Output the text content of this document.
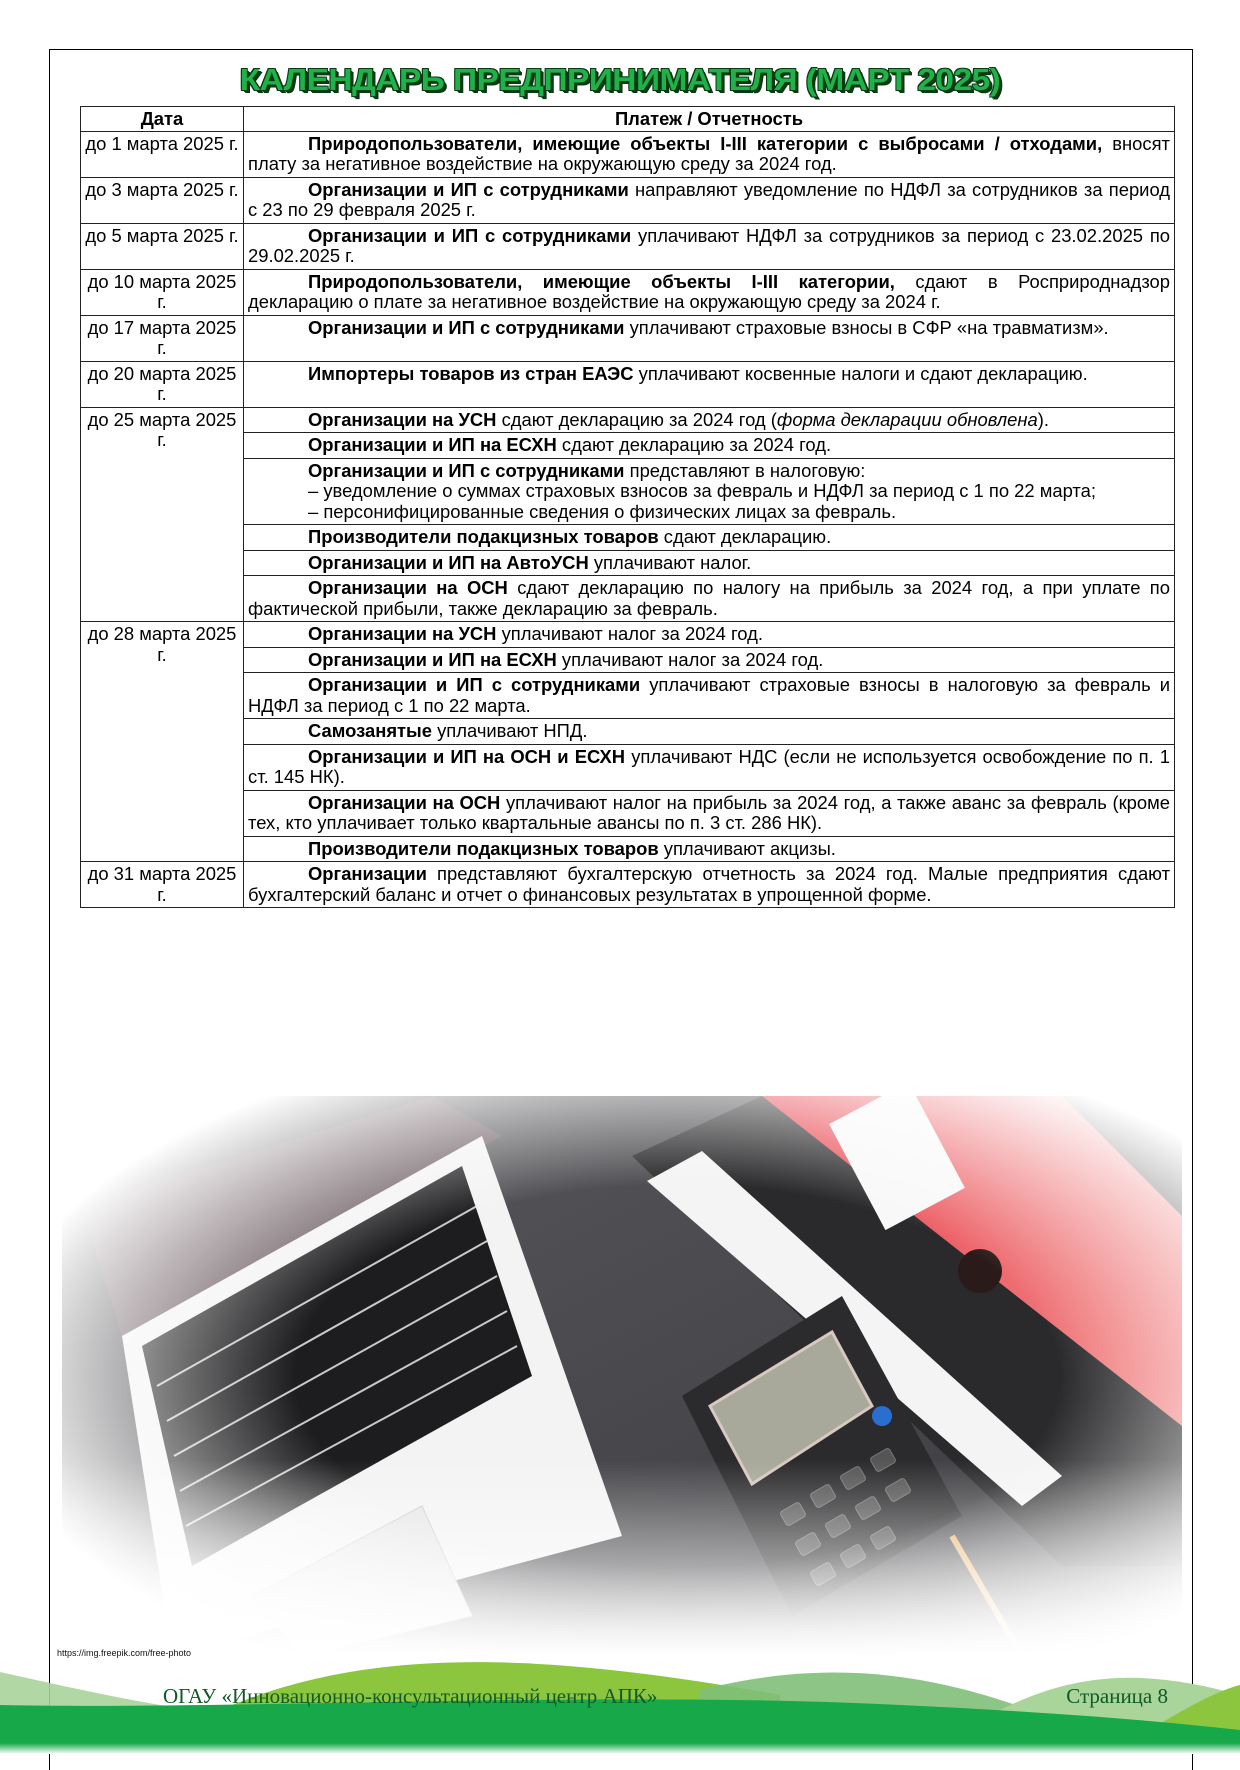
КАЛЕНДАРЬ ПРЕДПРИНИМАТЕЛЯ (МАРТ 2025)
Дата	Платеж / Отчетность
до 1 марта 2025 г.	Природопользователи, имеющие объекты I-III категории с выбросами / отходами, вносят плату за негативное воздействие на окружающую среду за 2024 год.

до 3 марта 2025 г.	Организации и ИП с сотрудниками направляют уведомление по НДФЛ за сотрудников за период с 23 по 29 февраля 2025 г.

до 5 марта 2025 г.	Организации и ИП с сотрудниками уплачивают НДФЛ за сотрудников за период с 23.02.2025 по 29.02.2025 г.

до 10 марта 2025 г.	Природопользователи, имеющие объекты I-III категории, сдают в Росприроднадзор декларацию о плате за негативное воздействие на окружающую среду за 2024 г.

до 17 марта 2025 г.	Организации и ИП с сотрудниками уплачивают страховые взносы в СФР «на травматизм».

до 20 марта 2025 г.	Импортеры товаров из стран ЕАЭС уплачивают косвенные налоги и сдают декларацию.

до 25 марта 2025 г.	Организации на УСН сдают декларацию за 2024 год (форма декларации обновлена).

	Организации и ИП на ЕСХН сдают декларацию за 2024 год.

	Организации и ИП с сотрудниками представляют в налоговую:

– уведомление о суммах страховых взносов за февраль и НДФЛ за период с 1 по 22 марта;

– персонифицированные сведения о физических лицах за февраль.

	Производители подакцизных товаров сдают декларацию.

	Организации и ИП на АвтоУСН уплачивают налог.

	Организации на ОСН сдают декларацию по налогу на прибыль за 2024 год, а при уплате по фактической прибыли, также декларацию за февраль.

до 28 марта 2025 г.	Организации на УСН уплачивают налог за 2024 год.

	Организации и ИП на ЕСХН уплачивают налог за 2024 год.

	Организации и ИП с сотрудниками уплачивают страховые взносы в налоговую за февраль и НДФЛ за период с 1 по 22 марта.

	Самозанятые уплачивают НПД.

	Организации и ИП на ОСН и ЕСХН уплачивают НДС (если не используется освобождение по п. 1 ст. 145 НК).

	Организации на ОСН уплачивают налог на прибыль за 2024 год, а также аванс за февраль (кроме тех, кто уплачивает только квартальные авансы по п. 3 ст. 286 НК).

	Производители подакцизных товаров уплачивают акцизы.

до 31 марта 2025 г.	Организации представляют бухгалтерскую отчетность за 2024 год. Малые предприятия сдают бухгалтерский баланс и отчет о финансовых результатах в упрощенной форме.

https://img.freepik.com/free-photo
ОГАУ «Инновационно-консультационный центр АПК»	Страница 8
